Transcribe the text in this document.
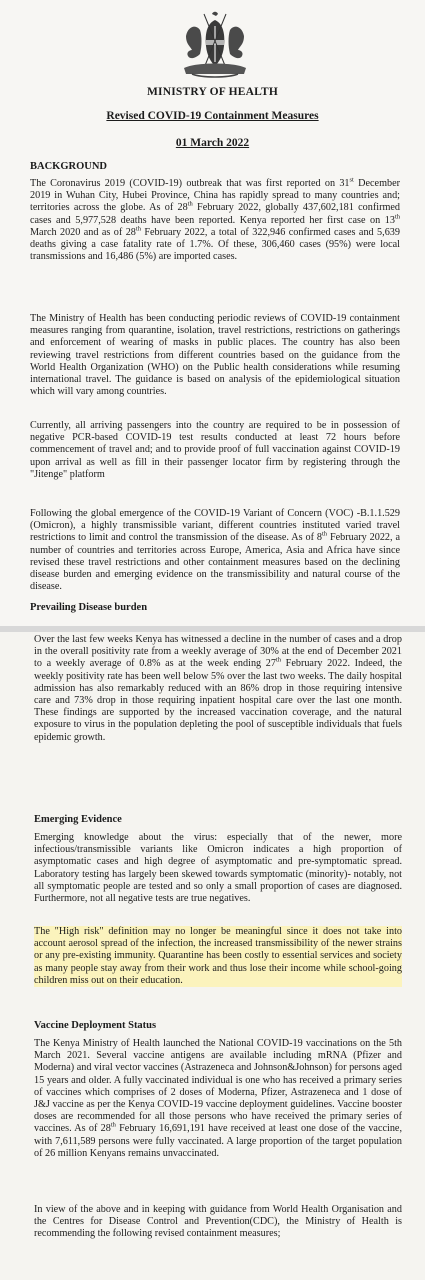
MINISTRY OF HEALTH
Revised COVID-19 Containment Measures
01 March 2022
BACKGROUND
The Coronavirus 2019 (COVID-19) outbreak that was first reported on 31st December 2019 in Wuhan City, Hubei Province, China has rapidly spread to many countries and; territories across the globe. As of 28th February 2022, globally 437,602,181 confirmed cases and 5,977,528 deaths have been reported. Kenya reported her first case on 13th March 2020 and as of 28th February 2022, a total of 322,946 confirmed cases and 5,639 deaths giving a case fatality rate of 1.7%. Of these, 306,460 cases (95%) were local transmissions and 16,486 (5%) are imported cases.
The Ministry of Health has been conducting periodic reviews of COVID-19 containment measures ranging from quarantine, isolation, travel restrictions, restrictions on gatherings and enforcement of wearing of masks in public places. The country has also been reviewing travel restrictions from different countries based on the guidance from the World Health Organization (WHO) on the Public health considerations while resuming international travel. The guidance is based on analysis of the epidemiological situation which will vary among countries.
Currently, all arriving passengers into the country are required to be in possession of negative PCR-based COVID-19 test results conducted at least 72 hours before commencement of travel and; and to provide proof of full vaccination against COVID-19 upon arrival as well as fill in their passenger locator firm by registering through the "Jitenge" platform
Following the global emergence of the COVID-19 Variant of Concern (VOC) -B.1.1.529 (Omicron), a highly transmissible variant, different countries instituted varied travel restrictions to limit and control the transmission of the disease. As of 8th February 2022, a number of countries and territories across Europe, America, Asia and Africa have since revised these travel restrictions and other containment measures based on the declining disease burden and emerging evidence on the transmissibility and natural course of the disease.
Prevailing Disease burden
Over the last few weeks Kenya has witnessed a decline in the number of cases and a drop in the overall positivity rate from a weekly average of 30% at the end of December 2021 to a weekly average of 0.8% as at the week ending 27th February 2022. Indeed, the weekly positivity rate has been well below 5% over the last two weeks. The daily hospital admission has also remarkably reduced with an 86% drop in those requiring intensive care and 73% drop in those requiring inpatient hospital care over the last one month. These findings are supported by the increased vaccination coverage, and the natural exposure to virus in the population depleting the pool of susceptible individuals that fuels epidemic growth.
Emerging Evidence
Emerging knowledge about the virus: especially that of the newer, more infectious/transmissible variants like Omicron indicates a high proportion of asymptomatic cases and high degree of asymptomatic and pre-symptomatic spread. Laboratory testing has largely been skewed towards symptomatic (minority)- notably, not all symptomatic people are tested and so only a small proportion of cases are diagnosed. Furthermore, not all negative tests are true negatives.
The "High risk" definition may no longer be meaningful since it does not take into account aerosol spread of the infection, the increased transmissibility of the newer strains or any pre-existing immunity. Quarantine has been costly to essential services and society as many people stay away from their work and thus lose their income while school-going children miss out on their education.
Vaccine Deployment Status
The Kenya Ministry of Health launched the National COVID-19 vaccinations on the 5th March 2021. Several vaccine antigens are available including mRNA (Pfizer and Moderna) and viral vector vaccines (Astrazeneca and Johnson&Johnson) for persons aged 15 years and older. A fully vaccinated individual is one who has received a primary series of vaccines which comprises of 2 doses of Moderna, Pfizer, Astrazeneca and 1 dose of J&J vaccine as per the Kenya COVID-19 vaccine deployment guidelines. Vaccine booster doses are recommended for all those persons who have received the primary series of vaccines. As of 28th February 16,691,191 have received at least one dose of the vaccine, with 7,611,589 persons were fully vaccinated. A large proportion of the target population of 26 million Kenyans remains unvaccinated.
In view of the above and in keeping with guidance from World Health Organisation and the Centres for Disease Control and Prevention(CDC), the Ministry of Health is recommending the following revised containment measures;
